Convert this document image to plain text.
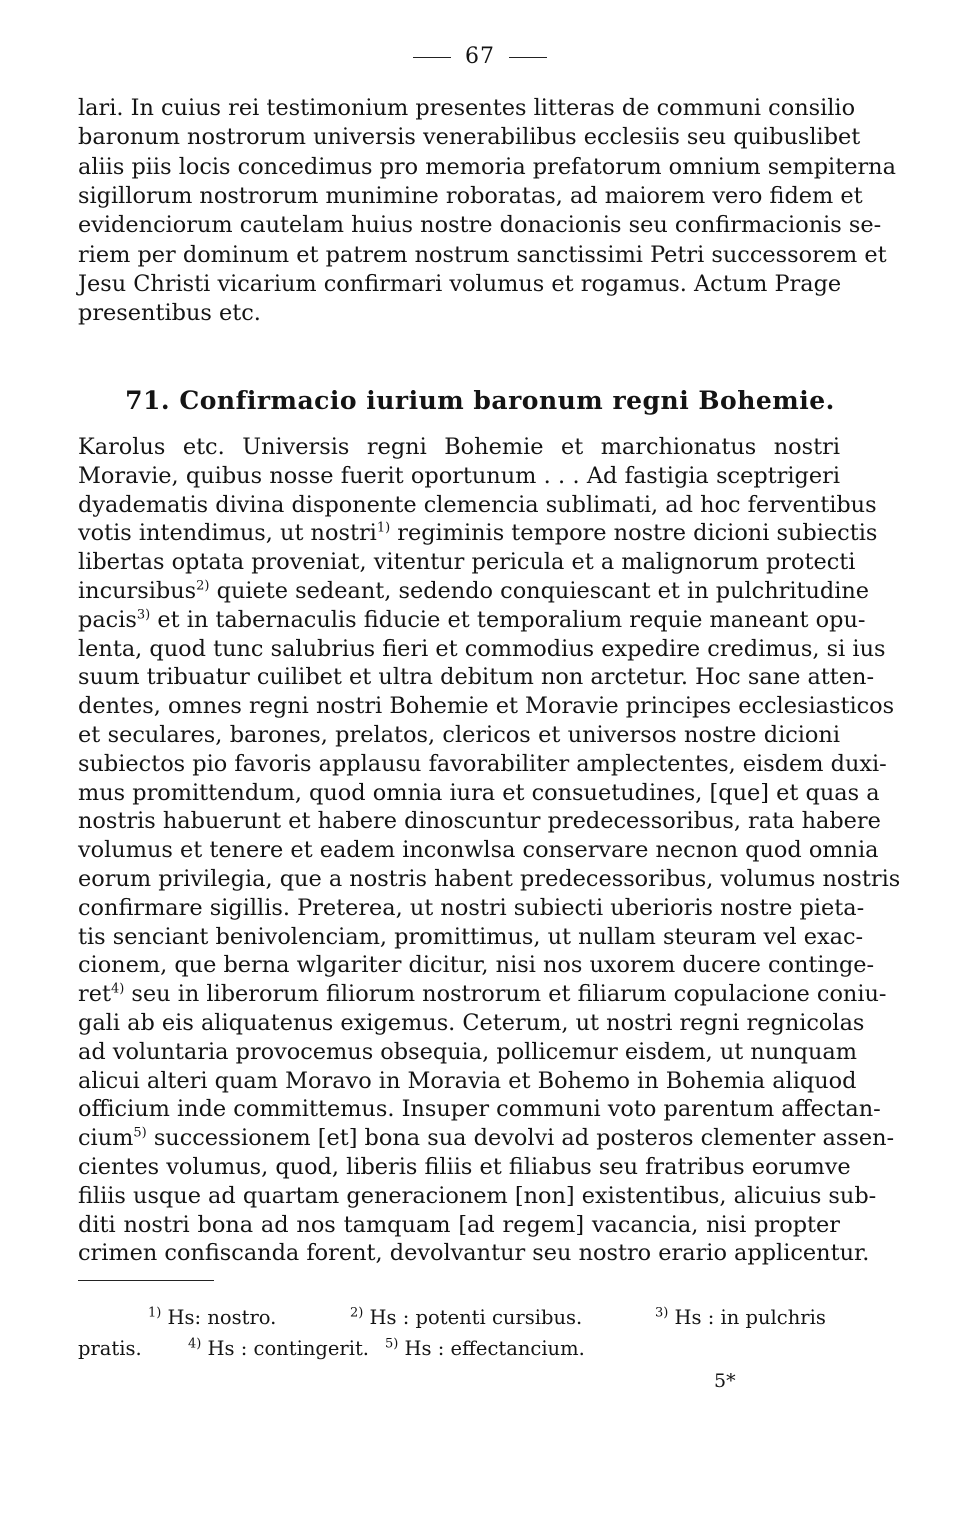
67
lari. In cuius rei testimonium presentes litteras de communi consilio
baronum nostrorum universis venerabilibus ecclesiis seu quibuslibet
aliis piis locis concedimus pro memoria prefatorum omnium sempiterna
sigillorum nostrorum munimine roboratas, ad maiorem vero fidem et
evidenciorum cautelam huius nostre donacionis seu confirmacionis se-
riem per dominum et patrem nostrum sanctissimi Petri successorem et
Jesu Christi vicarium confirmari volumus et rogamus. Actum Prage
presentibus etc.
71. Confirmacio iurium baronum regni Bohemie.
Karolus etc. Universis regni Bohemie et marchionatus nostri
Moravie, quibus nosse fuerit oportunum . . . Ad fastigia sceptrigeri
dyadematis divina disponente clemencia sublimati, ad hoc ferventibus
votis intendimus, ut nostri$^{1)}$ regiminis tempore nostre dicioni subiectis
libertas optata proveniat, vitentur pericula et a malignorum protecti
incursibus$^{2)}$ quiete sedeant, sedendo conquiescant et in pulchritudine
pacis$^{3)}$ et in tabernaculis fiducie et temporalium requie maneant opu-
lenta, quod tunc salubrius fieri et commodius expedire credimus, si ius
suum tribuatur cuilibet et ultra debitum non arctetur. Hoc sane atten-
dentes, omnes regni nostri Bohemie et Moravie principes ecclesiasticos
et seculares, barones, prelatos, clericos et universos nostre dicioni
subiectos pio favoris applausu favorabiliter amplectentes, eisdem duxi-
mus promittendum, quod omnia iura et consuetudines, [que] et quas a
nostris habuerunt et habere dinoscuntur predecessoribus, rata habere
volumus et tenere et eadem inconwlsa conservare necnon quod omnia
eorum privilegia, que a nostris habent predecessoribus, volumus nostris
confirmare sigillis. Preterea, ut nostri subiecti uberioris nostre pieta-
tis senciant benivolenciam, promittimus, ut nullam steuram vel exac-
cionem, que berna wlgariter dicitur, nisi nos uxorem ducere continge-
ret$^{4)}$ seu in liberorum filiorum nostrorum et filiarum copulacione coniu-
gali ab eis aliquatenus exigemus. Ceterum, ut nostri regni regnicolas
ad voluntaria provocemus obsequia, pollicemur eisdem, ut nunquam
alicui alteri quam Moravo in Moravia et Bohemo in Bohemia aliquod
officium inde committemus. Insuper communi voto parentum affectan-
cium$^{5)}$ successionem [et] bona sua devolvi ad posteros clementer assen-
cientes volumus, quod, liberis filiis et filiabus seu fratribus eorumve
filiis usque ad quartam generacionem [non] existentibus, alicuius sub-
diti nostri bona ad nos tamquam [ad regem] vacancia, nisi propter
crimen confiscanda forent, devolvantur seu nostro erario applicentur.
$^{1)}$ Hs: nostro.	$^{2)}$ Hs : potenti cursibus.	$^{3)}$ Hs : in pulchris
pratis.	$^{4)}$ Hs : contingerit. $^{5)}$ Hs : effectancium.
5*
